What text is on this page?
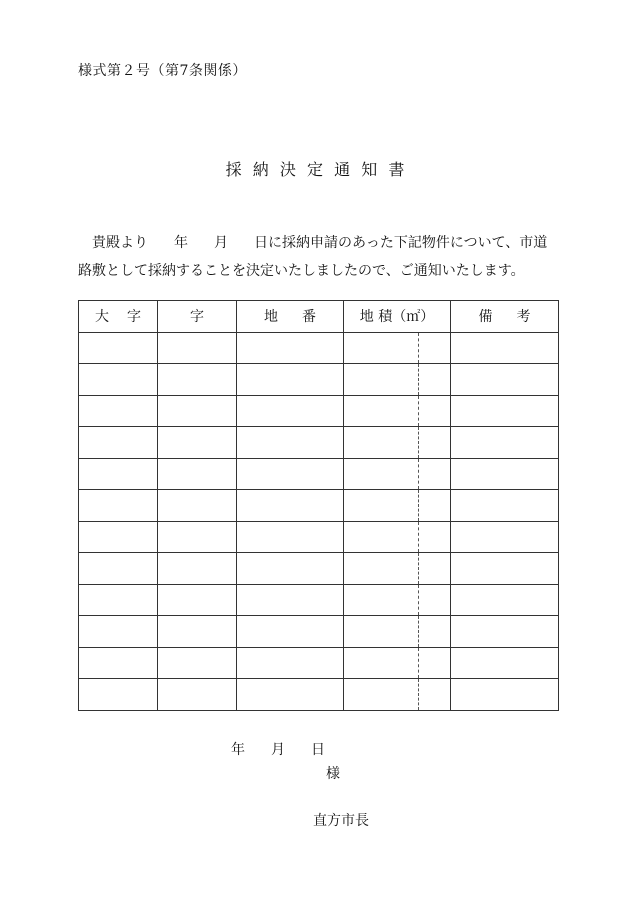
様式第２号（第7条関係）
採 納 決 定 通 知 書
貴殿より 年 月 日に採納申請のあった下記物件について、市道
路敷として採納することを決定いたしましたので、ご通知いたします。
大 字	字	地 番	地 積（㎡）	備 考

年 月 日
様
直方市長
